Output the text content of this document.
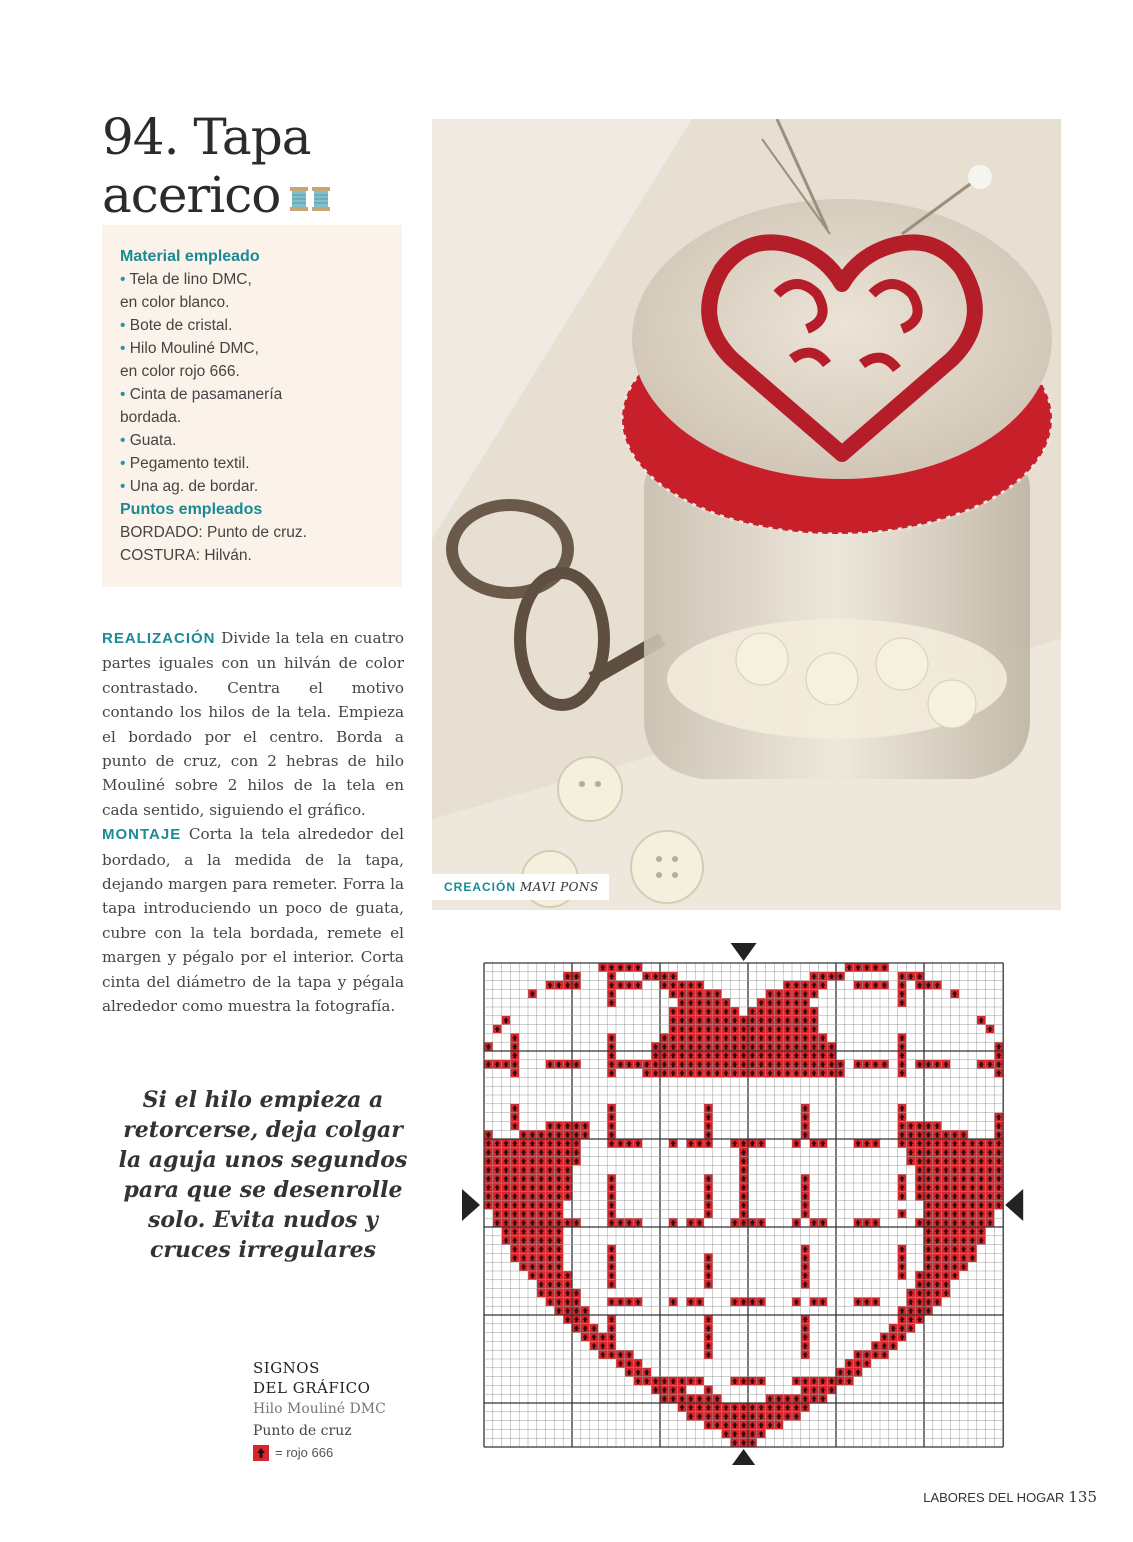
94. Tapa
acerico
Material empleado
• Tela de lino DMC,
en color blanco.
• Bote de cristal.
• Hilo Mouliné DMC,
en color rojo 666.
• Cinta de pasamanería
bordada.
• Guata.
• Pegamento textil.
• Una ag. de bordar.
Puntos empleados

BORDADO: Punto de cruz.

COSTURA: Hilván.

REALIZACIÓN Divide la tela en cuatro partes iguales con un hilván de color contrastado. Centra el motivo contando los hilos de la tela. Empieza el bordado por el centro. Borda a punto de cruz, con 2 hebras de hilo Mouliné sobre 2 hilos de la tela en cada sentido, siguiendo el gráfico.

MONTAJE Corta la tela alrededor del bordado, a la medida de la tapa, dejando margen para remeter. Forra la tapa introduciendo un poco de guata, cubre con la tela bordada, remete el margen y pégalo por el interior. Corta cinta del diámetro de la tapa y pégala alrededor como muestra la fotografía.

Si el hilo empieza a retorcerse, deja colgar la aguja unos segundos para que se desenrolle solo. Evita nudos y cruces irregulares
CREACIÓN MAVI PONS
SIGNOS
DEL GRÁFICO
Hilo Mouliné DMC
Punto de cruz
= rojo 666
LABORES DEL HOGAR 135
